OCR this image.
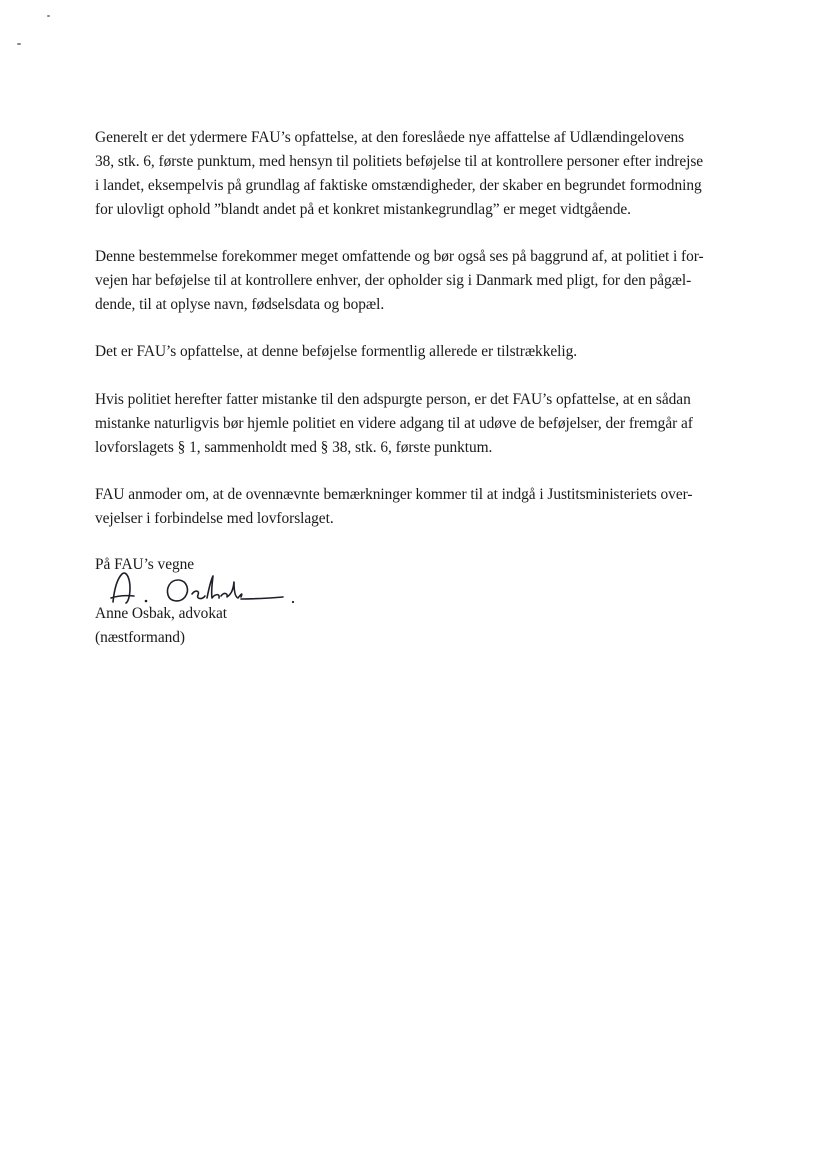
Generelt er det ydermere FAU’s opfattelse, at den foreslåede nye affattelse af Udlændingelovens
38, stk. 6, første punktum, med hensyn til politiets beføjelse til at kontrollere personer efter indrejse
i landet, eksempelvis på grundlag af faktiske omstændigheder, der skaber en begrundet formodning
for ulovligt ophold ”blandt andet på et konkret mistankegrundlag” er meget vidtgående.
Denne bestemmelse forekommer meget omfattende og bør også ses på baggrund af, at politiet i for-
vejen har beføjelse til at kontrollere enhver, der opholder sig i Danmark med pligt, for den pågæl-
dende, til at oplyse navn, fødselsdata og bopæl.
Det er FAU’s opfattelse, at denne beføjelse formentlig allerede er tilstrækkelig.
Hvis politiet herefter fatter mistanke til den adspurgte person, er det FAU’s opfattelse, at en sådan
mistanke naturligvis bør hjemle politiet en videre adgang til at udøve de beføjelser, der fremgår af
lovforslagets § 1, sammenholdt med § 38, stk. 6, første punktum.
FAU anmoder om, at de ovennævnte bemærkninger kommer til at indgå i Justitsministeriets over-
vejelser i forbindelse med lovforslaget.
På FAU’s vegne
Anne Osbak, advokat
(næstformand)
